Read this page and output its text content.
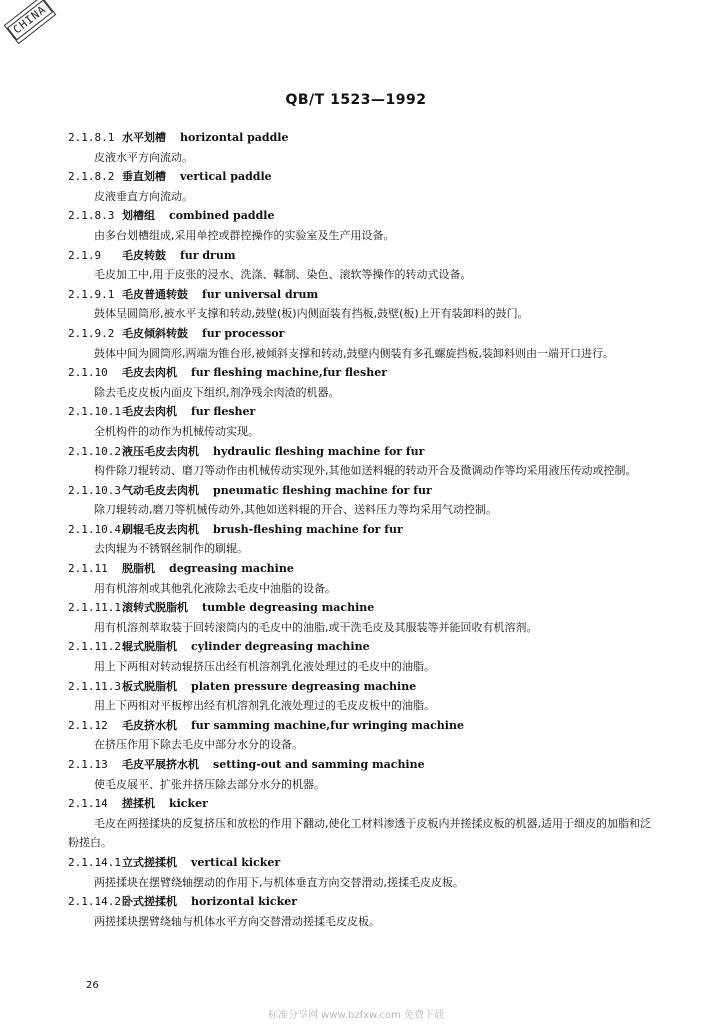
CHINA
QB/T 1523—1992
2.1.8.1 水平划槽 horizontal paddle
皮液水平方向流动。
2.1.8.2 垂直划槽 vertical paddle
皮液垂直方向流动。
2.1.8.3 划槽组 combined paddle
由多台划槽组成,采用单控或群控操作的实验室及生产用设备。
2.1.9 毛皮转鼓 fur drum
毛皮加工中,用于皮张的浸水、洗涤、鞣制、染色、滚软等操作的转动式设备。
2.1.9.1 毛皮普通转鼓 fur universal drum
鼓体呈圆筒形,被水平支撑和转动,鼓壁(板)内侧面装有挡板,鼓壁(板)上开有装卸料的鼓门。
2.1.9.2 毛皮倾斜转鼓 fur processor
鼓体中间为圆筒形,两端为锥台形,被倾斜支撑和转动,鼓壁内侧装有多孔螺旋挡板,装卸料则由一端开口进行。
2.1.10 毛皮去肉机 fur fleshing machine,fur flesher
除去毛皮皮板内面皮下组织,剂净残余肉渣的机器。
2.1.10.1毛皮去肉机 fur flesher
全机构件的动作为机械传动实现。
2.1.10.2液压毛皮去肉机 hydraulic fleshing machine for fur
构件除刀辊转动、磨刀等动作由机械传动实现外,其他如送料辊的转动开合及微调动作等均采用液压传动或控制。
2.1.10.3气动毛皮去肉机 pneumatic fleshing machine for fur
除刀辊转动,磨刀等机械传动外,其他如送料辊的开合、送料压力等均采用气动控制。
2.1.10.4刷辊毛皮去肉机 brush-fleshing machine for fur
去肉辊为不锈钢丝制作的刷辊。
2.1.11 脱脂机 degreasing machine
用有机溶剂或其他乳化液除去毛皮中油脂的设备。
2.1.11.1滚转式脱脂机 tumble degreasing machine
用有机溶剂萃取装于回转滚筒内的毛皮中的油脂,或干洗毛皮及其服装等并能回收有机溶剂。
2.1.11.2辊式脱脂机 cylinder degreasing machine
用上下两相对转动辊挤压出经有机溶剂乳化液处理过的毛皮中的油脂。
2.1.11.3板式脱脂机 platen pressure degreasing machine
用上下两相对平板榨出经有机溶剂乳化液处理过的毛皮皮板中的油脂。
2.1.12 毛皮挤水机 fur samming machine,fur wringing machine
在挤压作用下除去毛皮中部分水分的设备。
2.1.13 毛皮平展挤水机 setting-out and samming machine
使毛皮展平、扩张并挤压除去部分水分的机器。
2.1.14 搓揉机 kicker
毛皮在两搓揉块的反复挤压和放松的作用下翻动,使化工材料渗透于皮板内并搓揉皮板的机器,适用于细皮的加脂和泛粉搓白。
2.1.14.1立式搓揉机 vertical kicker
两搓揉块在摆臂绕轴摆动的作用下,与机体垂直方向交替滑动,搓揉毛皮皮板。
2.1.14.2卧式搓揉机 horizontal kicker
两搓揉块摆臂绕轴与机体水平方向交替滑动搓揉毛皮皮板。
26
标准分享网 www.bzfxw.com 免费下载
